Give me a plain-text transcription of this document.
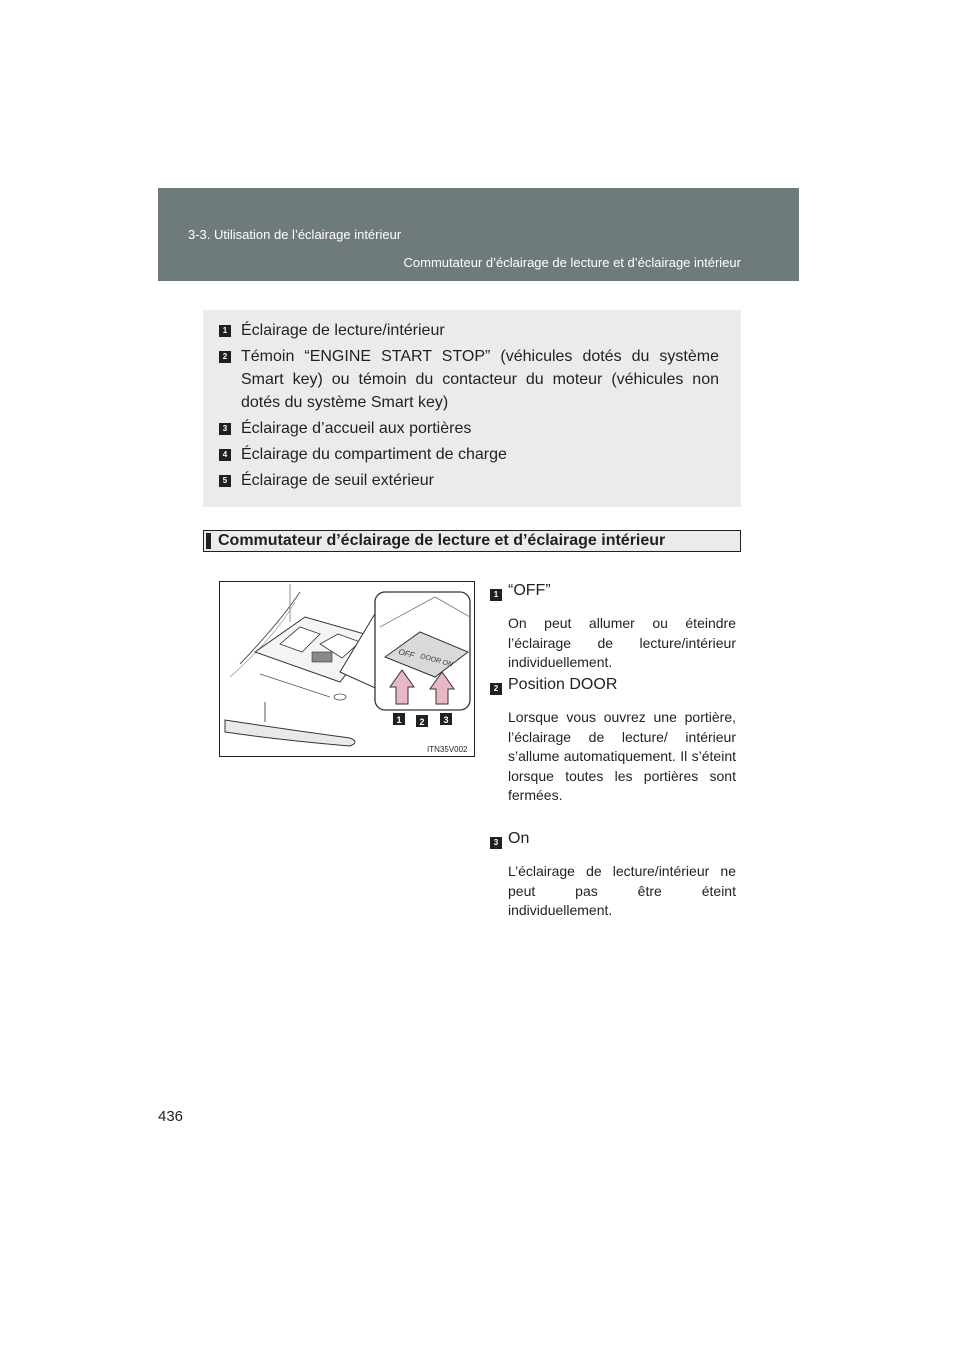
3-3. Utilisation de l’éclairage intérieur
Commutateur d’éclairage de lecture et d’éclairage intérieur
1 Éclairage de lecture/intérieur
2 Témoin “ENGINE START STOP” (véhicules dotés du système Smart key) ou témoin du contacteur du moteur (véhicules non dotés du système Smart key)
3 Éclairage d’accueil aux portières
4 Éclairage du compartiment de charge
5 Éclairage de seuil extérieur
Commutateur d’éclairage de lecture et d’éclairage intérieur
OFF DOOR ON
1 2 3
ITN35V002
1 “OFF”
On peut allumer ou éteindre l’éclairage de lecture/intérieur individuellement.
2 Position DOOR
Lorsque vous ouvrez une portière, l’éclairage de lecture/ intérieur s’allume automatiquement. Il s’éteint lorsque toutes les portières sont fermées.
3 On
L’éclairage de lecture/intérieur ne peut pas être éteint individuellement.
436
